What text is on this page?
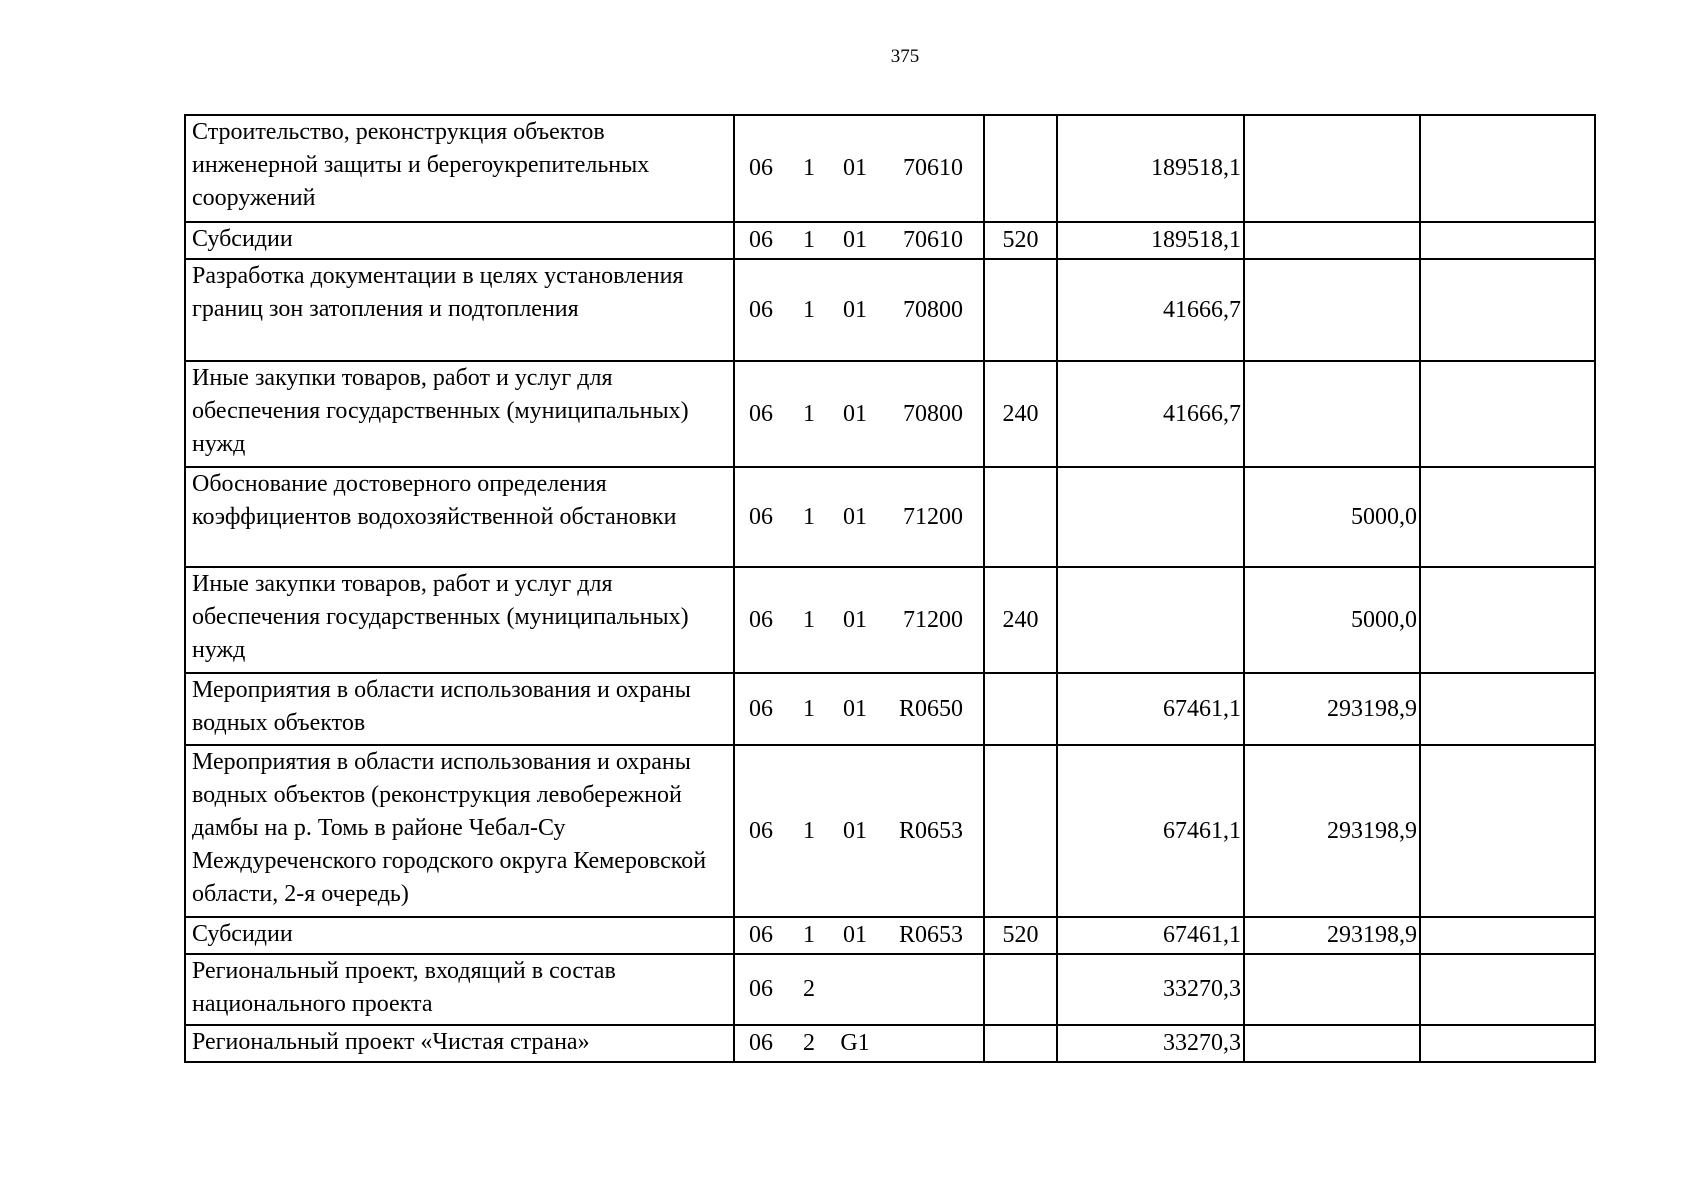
375
Строительство, реконструкция объектов инженерной защиты и берегоукрепительных сооружений	06 1 01 70610		189518,1		
Субсидии	06 1 01 70610	520	189518,1		
Разработка документации в целях установления границ зон затопления и подтопления	06 1 01 70800		41666,7		
Иные закупки товаров, работ и услуг для обеспечения государственных (муниципальных) нужд	06 1 01 70800	240	41666,7		
Обоснование достоверного определения коэффициентов водохозяйственной обстановки	06 1 01 71200			5000,0	
Иные закупки товаров, работ и услуг для обеспечения государственных (муниципальных) нужд	06 1 01 71200	240		5000,0	
Мероприятия в области использования и охраны водных объектов	06 1 01 R0650		67461,1	293198,9	
Мероприятия в области использования и охраны водных объектов (реконструкция левобережной дамбы на р. Томь в районе Чебал-Су Междуреченского городского округа Кемеровской области, 2-я очередь)	06 1 01 R0653		67461,1	293198,9	
Субсидии	06 1 01 R0653	520	67461,1	293198,9	
Региональный проект, входящий в состав национального проекта	06 2		33270,3		
Региональный проект «Чистая страна»	06 2 G1		33270,3		
